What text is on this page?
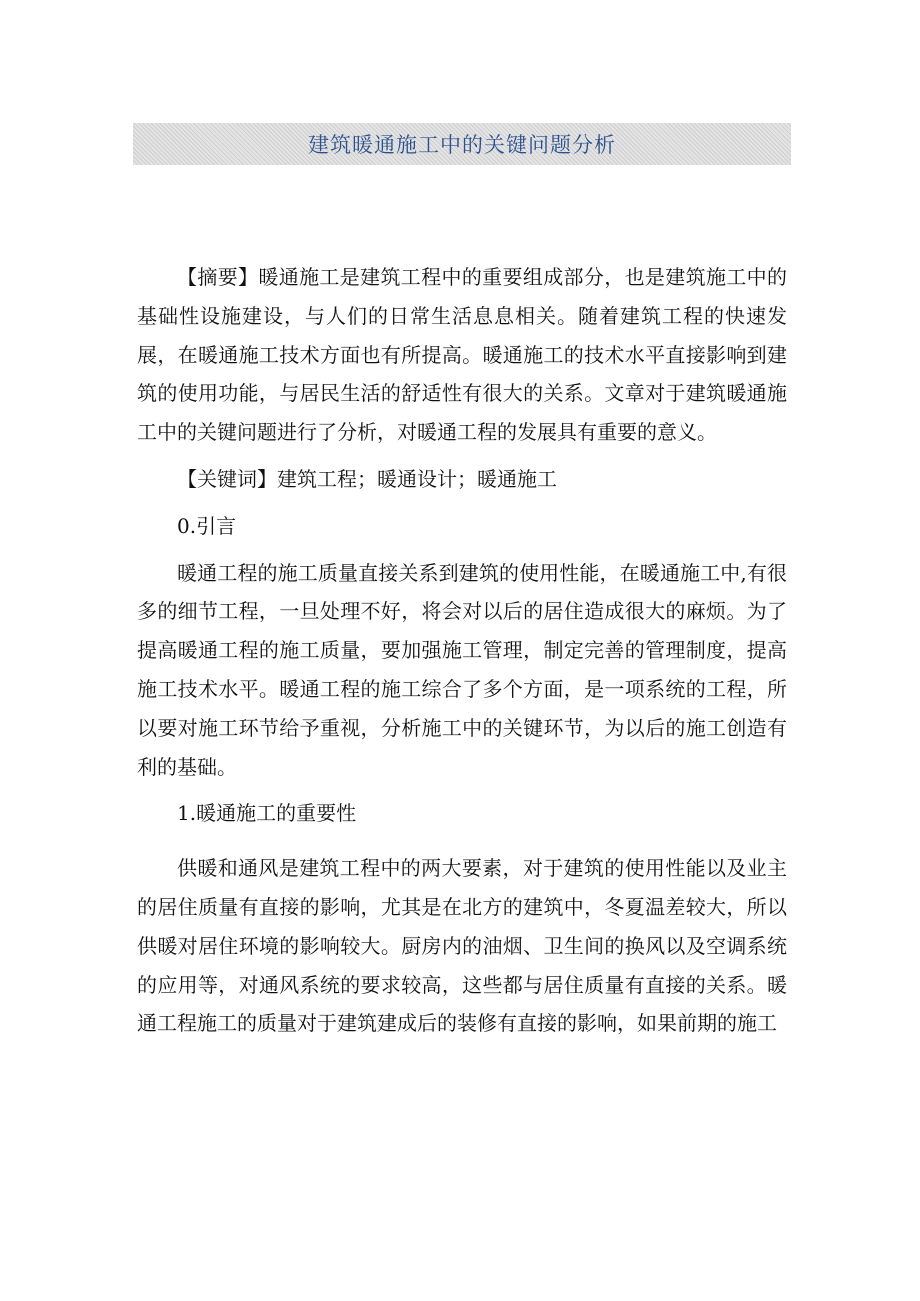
建筑暖通施工中的关键问题分析

【摘要】暖通施工是建筑工程中的重要组成部分，也是建筑施工中的基础性设施建设，与人们的日常生活息息相关。随着建筑工程的快速发展，在暖通施工技术方面也有所提高。暖通施工的技术水平直接影响到建筑的使用功能，与居民生活的舒适性有很大的关系。文章对于建筑暖通施工中的关键问题进行了分析，对暖通工程的发展具有重要的意义。

【关键词】建筑工程；暖通设计；暖通施工

0.引言

暖通工程的施工质量直接关系到建筑的使用性能，在暖通施工中,有很多的细节工程，一旦处理不好，将会对以后的居住造成很大的麻烦。为了提高暖通工程的施工质量，要加强施工管理，制定完善的管理制度，提高施工技术水平。暖通工程的施工综合了多个方面，是一项系统的工程，所以要对施工环节给予重视，分析施工中的关键环节，为以后的施工创造有利的基础。

1.暖通施工的重要性

供暖和通风是建筑工程中的两大要素，对于建筑的使用性能以及业主的居住质量有直接的影响，尤其是在北方的建筑中，冬夏温差较大，所以供暖对居住环境的影响较大。厨房内的油烟、卫生间的换风以及空调系统的应用等，对通风系统的要求较高，这些都与居住质量有直接的关系。暖通工程施工的质量对于建筑建成后的装修有直接的影响，如果前期的施工
